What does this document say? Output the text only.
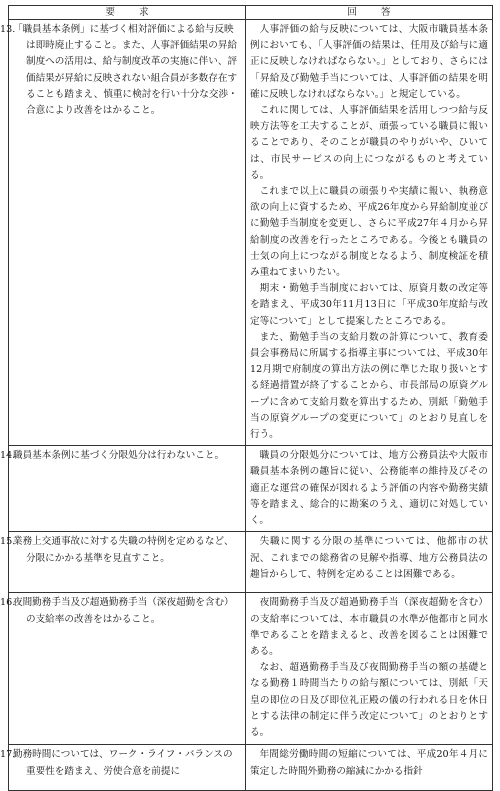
要求	回答
13.「職員基本条例」に基づく相対評価による給与反映は即時廃止すること。また、人事評価結果の昇給制度への活用は、給与制度改革の実施に伴い、評価結果が昇給に反映されない組合員が多数存在することも踏まえ、慎重に検討を行い十分な交渉・合意により改善をはかること。	人事評価の給与反映については、大阪市職員基本条例においても、「人事評価の結果は、任用及び給与に適正に反映しなければならない。」としており、さらには「昇給及び勤勉手当については、人事評価の結果を明確に反映しなければならない。」と規定している。

これに関しては、人事評価結果を活用しつつ給与反映方法等を工夫することが、頑張っている職員に報いることであり、そのことが職員のやりがいや、ひいては、市民サービスの向上につながるものと考えている。

これまで以上に職員の頑張りや実績に報い、執務意欲の向上に資するため、平成26年度から昇給制度並びに勤勉手当制度を変更し、さらに平成27年４月から昇給制度の改善を行ったところである。今後とも職員の士気の向上につながる制度となるよう、制度検証を積み重ねてまいりたい。

期末・勤勉手当制度においては、原資月数の改定等を踏まえ、平成30年11月13日に「平成30年度給与改定等について」として提案したところである。

また、勤勉手当の支給月数の計算について、教育委員会事務局に所属する指導主事については、平成30年12月期で府制度の算出方法の例に準じた取り扱いとする経過措置が終了することから、市長部局の原資グループに含めて支給月数を算出するため、別紙「勤勉手当の原資グループの変更について」のとおり見直しを行う。

14.職員基本条例に基づく分限処分は行わないこと。	職員の分限処分については、地方公務員法や大阪市職員基本条例の趣旨に従い、公務能率の維持及びその適正な運営の確保が図れるよう評価の内容や勤務実績等を踏まえ、総合的に勘案のうえ、適切に対処していく。

15.業務上交通事故に対する失職の特例を定めるなど、分限にかかる基準を見直すこと。	失職に関する分限の基準については、他都市の状況、これまでの総務省の見解や指導、地方公務員法の趣旨からして、特例を定めることは困難である。

16.夜間勤務手当及び超過勤務手当（深夜超勤を含む）の支給率の改善をはかること。	夜間勤務手当及び超過勤務手当（深夜超勤を含む）の支給率については、本市職員の水準が他都市と同水準であることを踏まえると、改善を図ることは困難である。

なお、超過勤務手当及び夜間勤務手当の額の基礎となる勤務１時間当たりの給与額については、別紙「天皇の即位の日及び即位礼正殿の儀の行われる日を休日とする法律の制定に伴う改定について」のとおりとする。

17.勤務時間については、ワーク・ライフ・バランスの重要性を踏まえ、労使合意を前提に	年間総労働時間の短縮については、平成20年４月に策定した時間外勤務の縮減にかかる指針
